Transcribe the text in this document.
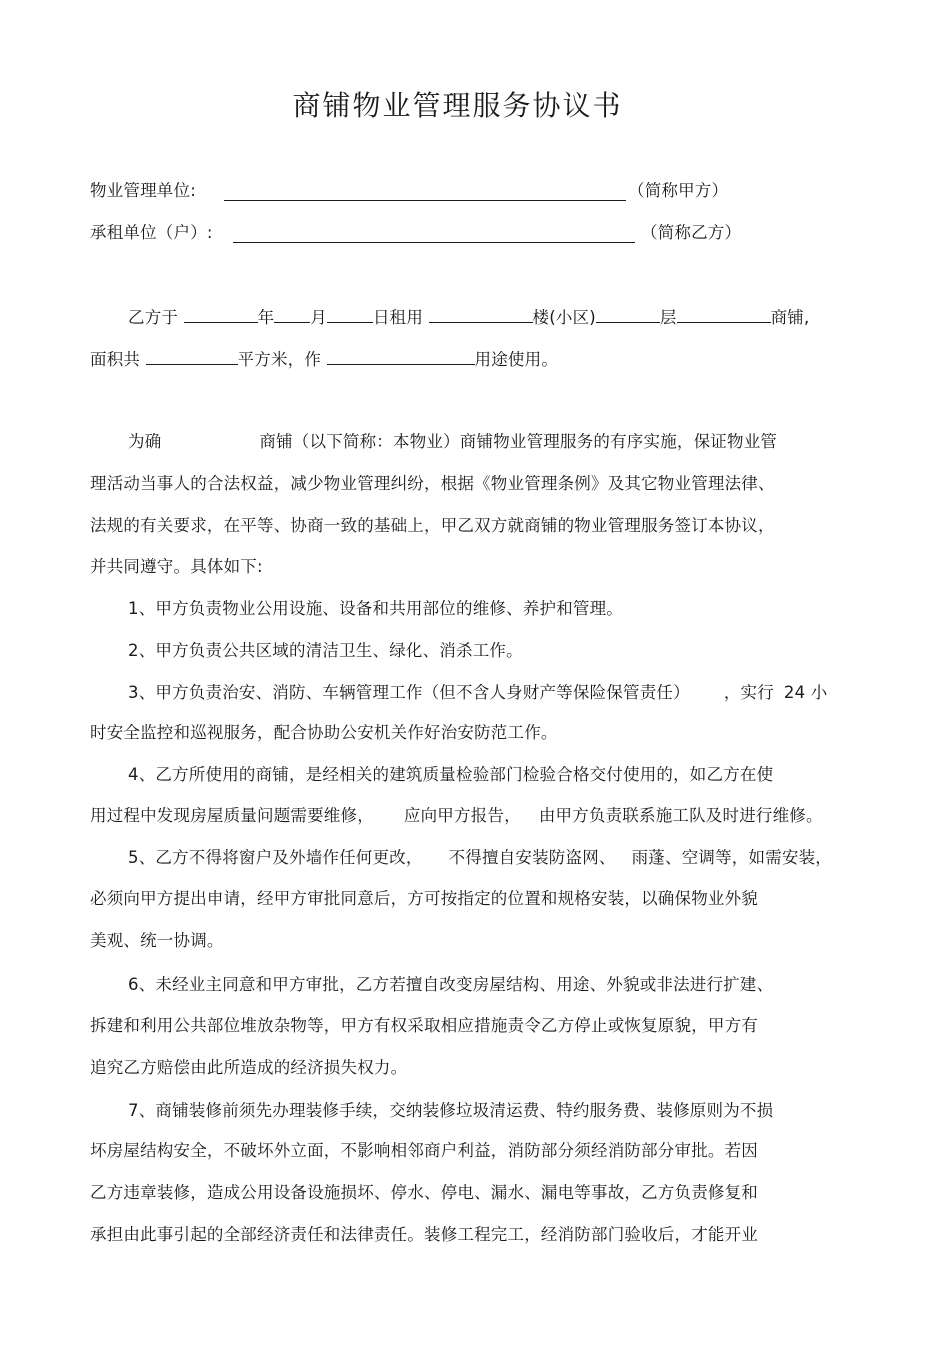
商铺物业管理服务协议书
物业管理单位:	（简称甲方）
承租单位（户）:	（简称乙方）
乙方于	年 月	日租用	楼(小区)	层	商铺,
面积共	平方米，作	用途使用。
为确	商铺（以下简称：本物业）商铺物业管理服务的有序实施，保证物业管
理活动当事人的合法权益，减少物业管理纠纷，根据《物业管理条例》及其它物业管理法律、
法规的有关要求，在平等、协商一致的基础上，甲乙双方就商铺的物业管理服务签订本协议，
并共同遵守。具体如下:
1、甲方负责物业公用设施、设备和共用部位的维修、养护和管理。
2、甲方负责公共区域的清洁卫生、绿化、消杀工作。
3、甲方负责治安、消防、车辆管理工作（但不含人身财产等保险保管责任） ，实行 24 小
时安全监控和巡视服务，配合协助公安机关作好治安防范工作。
4、乙方所使用的商铺，是经相关的建筑质量检验部门检验合格交付使用的，如乙方在使
用过程中发现房屋质量问题需要维修， 应向甲方报告， 由甲方负责联系施工队及时进行维修。
5、乙方不得将窗户及外墙作任何更改， 不得擅自安装防盗网、 雨蓬、空调等，如需安装，
必须向甲方提出申请，经甲方审批同意后，方可按指定的位置和规格安装，以确保物业外貌
美观、统一协调。
6、未经业主同意和甲方审批，乙方若擅自改变房屋结构、用途、外貌或非法进行扩建、
拆建和利用公共部位堆放杂物等，甲方有权采取相应措施责令乙方停止或恢复原貌，甲方有
追究乙方赔偿由此所造成的经济损失权力。
7、商铺装修前须先办理装修手续，交纳装修垃圾清运费、特约服务费、装修原则为不损
坏房屋结构安全，不破坏外立面，不影响相邻商户利益，消防部分须经消防部分审批。若因
乙方违章装修，造成公用设备设施损坏、停水、停电、漏水、漏电等事故，乙方负责修复和
承担由此事引起的全部经济责任和法律责任。装修工程完工，经消防部门验收后，才能开业
